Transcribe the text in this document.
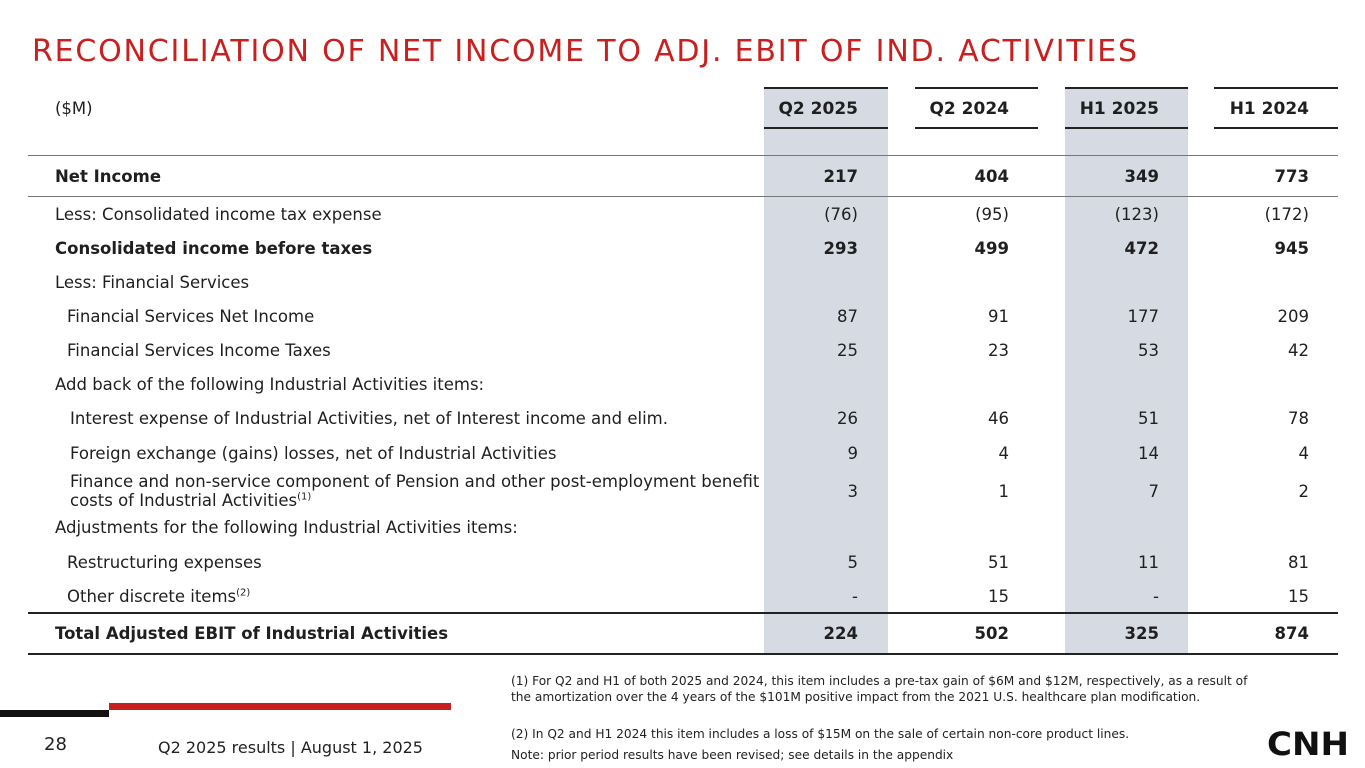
RECONCILIATION OF NET INCOME TO ADJ. EBIT OF IND. ACTIVITIES
($M)	Q2 2025	Q2 2024	H1 2025	H1 2024
Net Income	217	404	349	773
Less: Consolidated income tax expense	(76)	(95)	(123)	(172)
Consolidated income before taxes	293	499	472	945
Less: Financial Services
Financial Services Net Income	87	91	177	209
Financial Services Income Taxes	25	23	53	42
Add back of the following Industrial Activities items:
Interest expense of Industrial Activities, net of Interest income and elim.	26	46	51	78
Foreign exchange (gains) losses, net of Industrial Activities	9	4	14	4
Finance and non-service component of Pension and other post-employment benefit costs of Industrial Activities$^{(1)}$	3	1	7	2
Adjustments for the following Industrial Activities items:
Restructuring expenses	5	51	11	81
Other discrete items$^{(2)}$	-	15	-	15
Total Adjusted EBIT of Industrial Activities	224	502	325	874
(1) For Q2 and H1 of both 2025 and 2024, this item includes a pre-tax gain of $6M and $12M, respectively, as a result of the amortization over the 4 years of the $101M positive impact from the 2021 U.S. healthcare plan modification.
(2) In Q2 and H1 2024 this item includes a loss of $15M on the sale of certain non-core product lines.
Note: prior period results have been revised; see details in the appendix
28	Q2 2025 results | August 1, 2025	CNH
